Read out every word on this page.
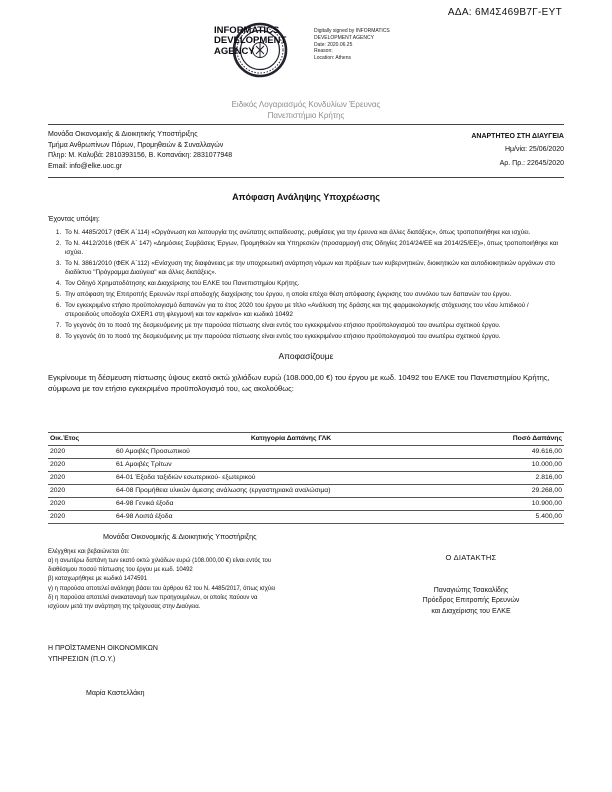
ΑΔΑ: 6Μ4Σ469Β7Γ-ΕΥΤ
INFORMATICS DEVELOPMENT AGENCY
Digitally signed by INFORMATICS DEVELOPMENT AGENCY
Date: 2020.06.25
Reason:
Location: Athens
Ειδικός Λογαριασμός Κονδυλίων Έρευνας
Πανεπιστήμιο Κρήτης
Μονάδα Οικονομικής & Διοικητικής Υποστήριξης
Τμήμα Ανθρωπίνων Πόρων, Προμηθειών & Συναλλαγών
Πληρ: Μ. Καλυβά: 2810393156, Β. Κοπανάκη: 2831077948
Email: info@elke.uoc.gr
ΑΝΑΡΤΗΤΕΟ ΣΤΗ ΔΙΑΥΓΕΙΑ
Ημ/νία: 25/06/2020
Αρ. Πρ.: 22645/2020
Απόφαση Ανάληψης Υποχρέωσης
Έχοντας υπόψη:
1. Το Ν. 4485/2017 (ΦΕΚ Α΄114) «Οργάνωση και λειτουργία της ανώτατης εκπαίδευσης, ρυθμίσεις για την έρευνα και άλλες διατάξεις», όπως τροποποιήθηκε και ισχύει.
2. Το Ν. 4412/2016 (ΦΕΚ Α΄ 147) «Δημόσιες Συμβάσεις Έργων, Προμηθειών και Υπηρεσιών (προσαρμογή στις Οδηγίες 2014/24/ΕΕ και 2014/25/ΕΕ)», όπως τροποποιήθηκε και ισχύει.
3. Το Ν. 3861/2010 (ΦΕΚ Α΄112) «Ενίσχυση της διαφάνειας με την υποχρεωτική ανάρτηση νόμων και πράξεων των κυβερνητικών, διοικητικών και αυτοδιοικητικών οργάνων στο διαδίκτυο "Πρόγραμμα Διαύγεια" και άλλες διατάξεις».
4. Τον Οδηγό Χρηματοδότησης και Διαχείρισης του ΕΛΚΕ του Πανεπιστημίου Κρήτης.
5. Την απόφαση της Επιτροπής Ερευνών περί αποδοχής διαχείρισης του έργου, η οποία επέχει θέση απόφασης έγκρισης του συνόλου των δαπανών του έργου.
6. Τον εγκεκριμένο ετήσιο προϋπολογισμό δαπανών για το έτος 2020 του έργου με τίτλο «Ανάλυση της δράσης και της φαρμακολογικής στόχευσης του νέου λιπιδικού / στεροειδούς υποδοχέα OXER1 στη φλεγμονή και τον καρκίνο» και κωδικό 10492
7. Το γεγονός ότι το ποσό της δεσμευόμενης με την παρούσα πίστωσης είναι εντός του εγκεκριμένου ετήσιου προϋπολογισμού του ανωτέρω σχετικού έργου.
8. Το γεγονός ότι το ποσό της δεσμευόμενης με την παρούσα πίστωσης είναι εντός του εγκεκριμένου ετήσιου προϋπολογισμού του ανωτέρω σχετικού έργου.
Αποφασίζουμε
Εγκρίνουμε τη δέσμευση πίστωσης ύψους εκατό οκτώ χιλιάδων ευρώ (108.000,00 €) του έργου με κωδ. 10492 του ΕΛΚΕ του Πανεπιστημίου Κρήτης, σύμφωνα με τον ετήσιο εγκεκριμένο προϋπολογισμό του, ως ακολούθως:
Οικ.Έτος	Κατηγορία Δαπάνης ΓΛΚ	Ποσό Δαπάνης
2020	60 Αμοιβές Προσωπικού	49.616,00
2020	61 Αμοιβές Τρίτων	10.000,00
2020	64-01 Έξοδα ταξιδιών εσωτερικού- εξωτερικού	2.816,00
2020	64-08 Προμήθεια υλικών άμεσης ανάλωσης (εργαστηριακά αναλώσιμα)	29.268,00
2020	64-98 Γενικά έξοδα	10.900,00
2020	64-98 Λοιπά έξοδα	5.400,00
Μονάδα Οικονομικής & Διοικητικής Υποστήριξης
Ελέγχθηκε και βεβαιώνεται ότι:
α) η ανωτέρω δαπάνη των εκατό οκτώ χιλιάδων ευρώ (108.000,00 €) είναι εντός του
διαθέσιμου ποσού πίστωσης του έργου με κωδ. 10492
β) καταχωρήθηκε με κωδικό 1474591
γ) η παρούσα αποτελεί ανάληψη βάσει του άρθρου 62 του Ν. 4485/2017, όπως ισχύει
δ) η παρούσα αποτελεί ανακατανομή των προηγουμένων, οι οποίες παύουν να
ισχύουν μετά την ανάρτηση της τρέχουσας στην Διαύγεια.
Ο ΔΙΑΤΑΚΤΗΣ
Παναγιώτης Τσακαλίδης
Πρόεδρος Επιτροπής Ερευνών
και Διαχείρισης του ΕΛΚΕ
Η ΠΡΟΪΣΤΑΜΕΝΗ ΟΙΚΟΝΟΜΙΚΩΝ
ΥΠΗΡΕΣΙΩΝ (Π.Ο.Υ.)
Μαρία Καστελλάκη
